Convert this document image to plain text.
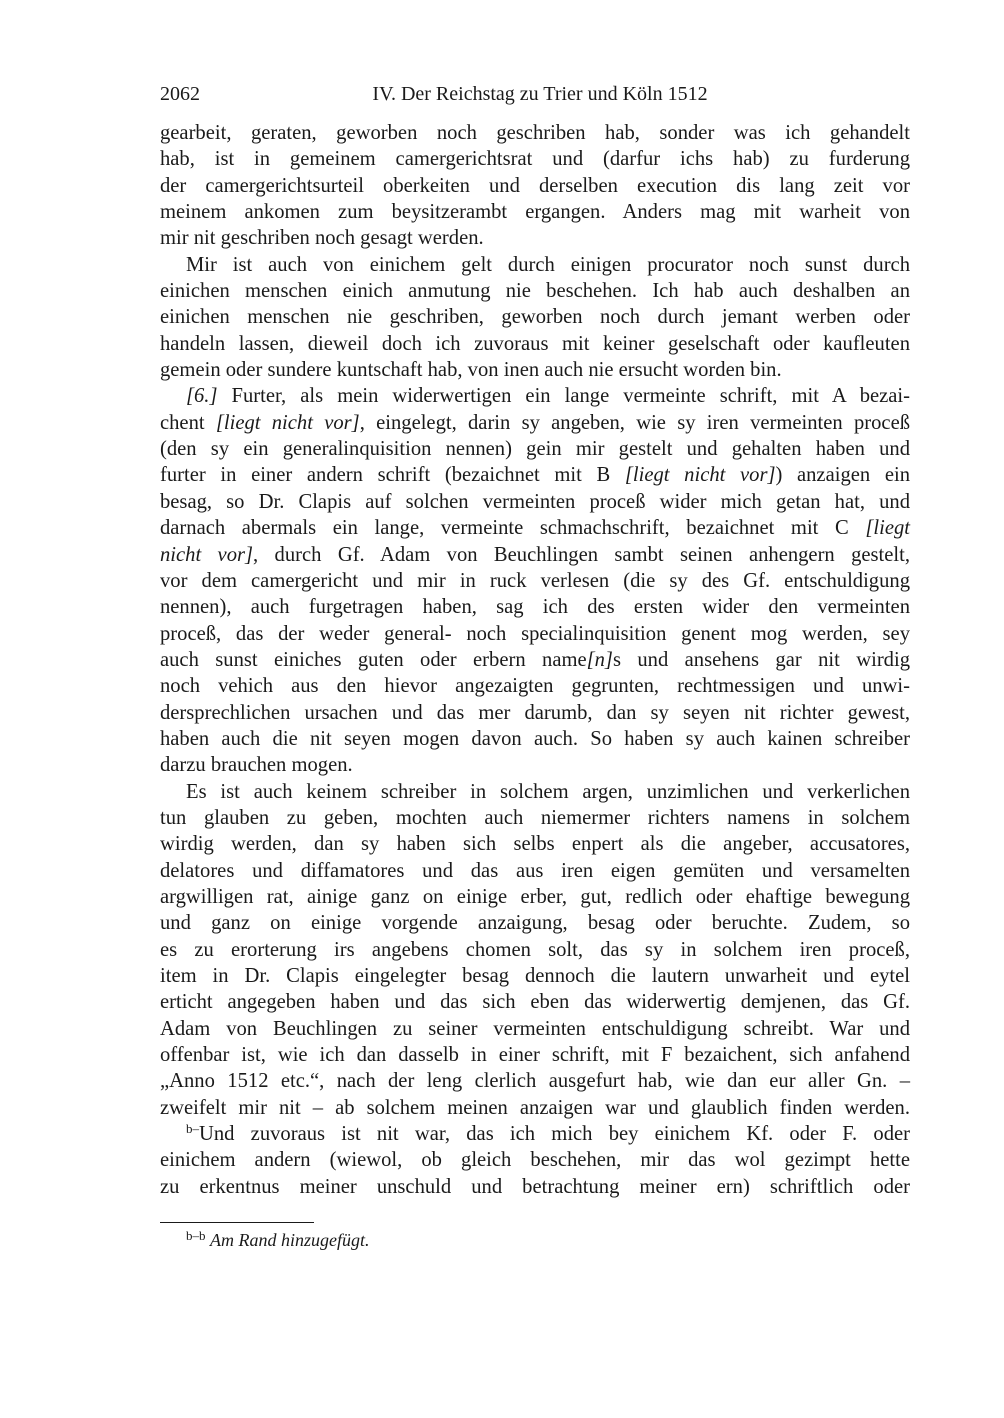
2062	IV. Der Reichstag zu Trier und Köln 1512
gearbeit, geraten, geworben noch geschriben hab, sonder was ich gehandelt
hab, ist in gemeinem camergerichtsrat und (darfur ichs hab) zu furderung
der camergerichtsurteil oberkeiten und derselben execution dis lang zeit vor
meinem ankomen zum beysitzerambt ergangen. Anders mag mit warheit von
mir nit geschriben noch gesagt werden.
Mir ist auch von einichem gelt durch einigen procurator noch sunst durch
einichen menschen einich anmutung nie beschehen. Ich hab auch deshalben an
einichen menschen nie geschriben, geworben noch durch jemant werben oder
handeln lassen, dieweil doch ich zuvoraus mit keiner geselschaft oder kaufleuten
gemein oder sundere kuntschaft hab, von inen auch nie ersucht worden bin.
[6.] Furter, als mein widerwertigen ein lange vermeinte schrift, mit A bezai-
chent [liegt nicht vor], eingelegt, darin sy angeben, wie sy iren vermeinten proceß
(den sy ein generalinquisition nennen) gein mir gestelt und gehalten haben und
furter in einer andern schrift (bezaichnet mit B [liegt nicht vor]) anzaigen ein
besag, so Dr. Clapis auf solchen vermeinten proceß wider mich getan hat, und
darnach abermals ein lange, vermeinte schmachschrift, bezaichnet mit C [liegt
nicht vor], durch Gf. Adam von Beuchlingen sambt seinen anhengern gestelt,
vor dem camergericht und mir in ruck verlesen (die sy des Gf. entschuldigung
nennen), auch furgetragen haben, sag ich des ersten wider den vermeinten
proceß, das der weder general- noch specialinquisition genent mog werden, sey
auch sunst einiches guten oder erbern name[n]s und ansehens gar nit wirdig
noch vehich aus den hievor angezaigten gegrunten, rechtmessigen und unwi-
dersprechlichen ursachen und das mer darumb, dan sy seyen nit richter gewest,
haben auch die nit seyen mogen davon auch. So haben sy auch kainen schreiber
darzu brauchen mogen.
Es ist auch keinem schreiber in solchem argen, unzimlichen und verkerlichen
tun glauben zu geben, mochten auch niemermer richters namens in solchem
wirdig werden, dan sy haben sich selbs enpert als die angeber, accusatores,
delatores und diffamatores und das aus iren eigen gemüten und versamelten
argwilligen rat, ainige ganz on einige erber, gut, redlich oder ehaftige bewegung
und ganz on einige vorgende anzaigung, besag oder beruchte. Zudem, so
es zu erorterung irs angebens chomen solt, das sy in solchem iren proceß,
item in Dr. Clapis eingelegter besag dennoch die lautern unwarheit und eytel
erticht angegeben haben und das sich eben das widerwertig demjenen, das Gf.
Adam von Beuchlingen zu seiner vermeinten entschuldigung schreibt. War und
offenbar ist, wie ich dan dasselb in einer schrift, mit F bezaichent, sich anfahend
„Anno 1512 etc.“, nach der leng clerlich ausgefurt hab, wie dan eur aller Gn. –
zweifelt mir nit – ab solchem meinen anzaigen war und glaublich finden werden.
$^{b-}$Und zuvoraus ist nit war, das ich mich bey einichem Kf. oder F. oder
einichem andern (wiewol, ob gleich beschehen, mir das wol gezimpt hette
zu erkentnus meiner unschuld und betrachtung meiner ern) schriftlich oder
$^{b-b}$ Am Rand hinzugefügt.
